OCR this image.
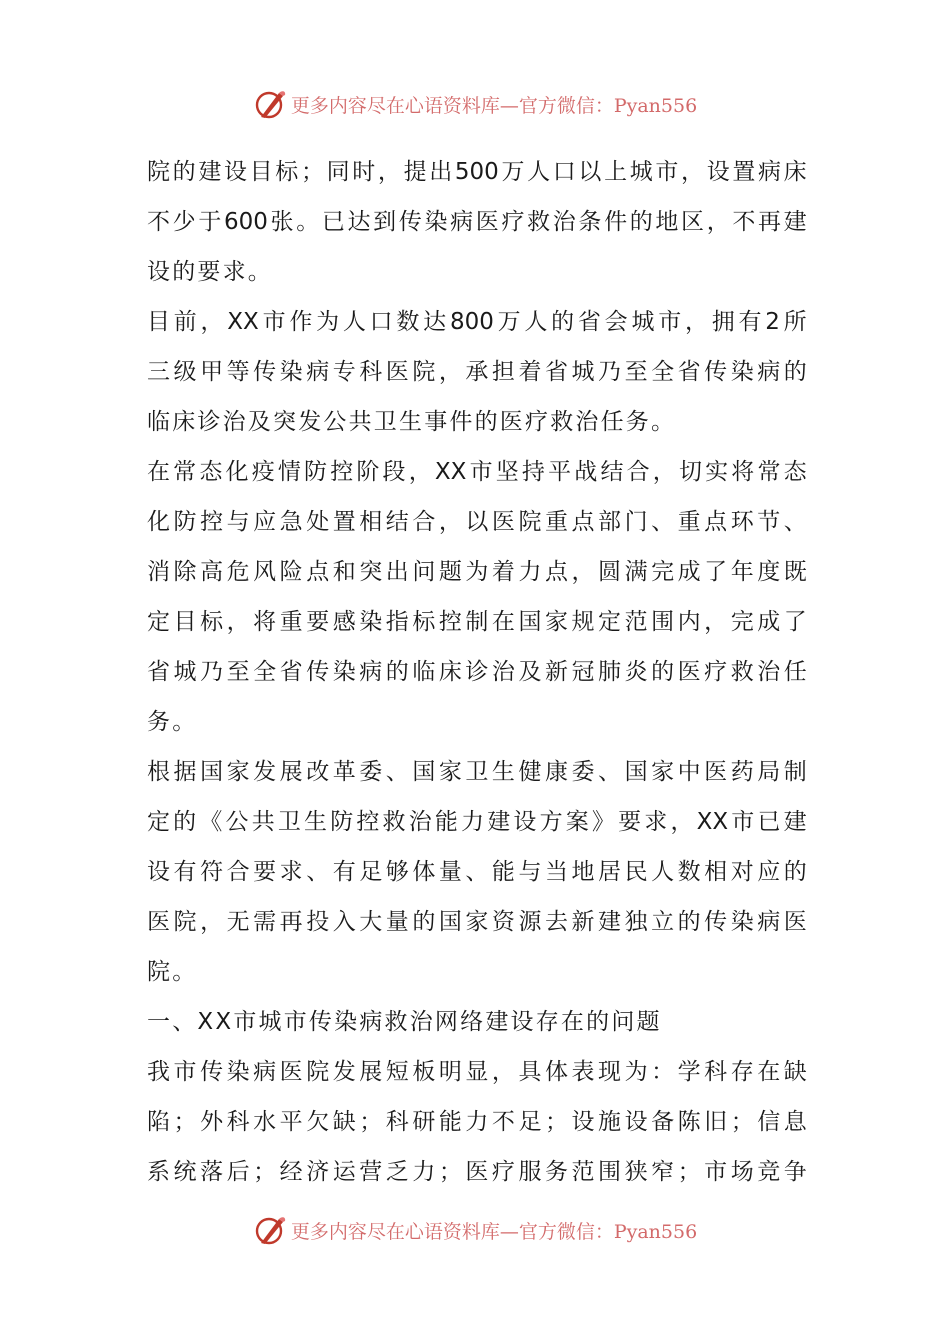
更多内容尽在心语资料库—官方微信：Pyan556
院 的 建 设 目 标 ； 同 时 ， 提 出 500 万 人 口 以 上 城 市 ， 设 置 病 床
不 少 于 600 张 。 已 达 到 传 染 病 医 疗 救 治 条 件 的 地 区 ， 不 再 建
设的要求。
目 前 ， XX 市 作 为 人 口 数 达 800 万 人 的 省 会 城 市 ， 拥 有 2 所
三 级 甲 等 传 染 病 专 科 医 院 ， 承 担 着 省 城 乃 至 全 省 传 染 病 的
临床诊治及突发公共卫生事件的医疗救治任务。
在 常 态 化 疫 情 防 控 阶 段 ， XX 市 坚 持 平 战 结 合 ， 切 实 将 常 态
化 防 控 与 应 急 处 置 相 结 合 ， 以 医 院 重 点 部 门 、 重 点 环 节 、
消 除 高 危 风 险 点 和 突 出 问 题 为 着 力 点 ， 圆 满 完 成 了 年 度 既
定 目 标 ， 将 重 要 感 染 指 标 控 制 在 国 家 规 定 范 围 内 ， 完 成 了
省 城 乃 至 全 省 传 染 病 的 临 床 诊 治 及 新 冠 肺 炎 的 医 疗 救 治 任
务。
根 据 国 家 发 展 改 革 委 、 国 家 卫 生 健 康 委 、 国 家 中 医 药 局 制
定 的 《 公 共 卫 生 防 控 救 治 能 力 建 设 方 案 》 要 求 ， XX 市 已 建
设 有 符 合 要 求 、 有 足 够 体 量 、 能 与 当 地 居 民 人 数 相 对 应 的
医 院 ， 无 需 再 投 入 大 量 的 国 家 资 源 去 新 建 独 立 的 传 染 病 医
院。
一、XX市城市传染病救治网络建设存在的问题
我 市 传 染 病 医 院 发 展 短 板 明 显 ， 具 体 表 现 为 ： 学 科 存 在 缺
陷 ； 外 科 水 平 欠 缺 ； 科 研 能 力 不 足 ； 设 施 设 备 陈 旧 ； 信 息
系 统 落 后 ； 经 济 运 营 乏 力 ； 医 疗 服 务 范 围 狭 窄 ； 市 场 竞 争
更多内容尽在心语资料库—官方微信：Pyan556
